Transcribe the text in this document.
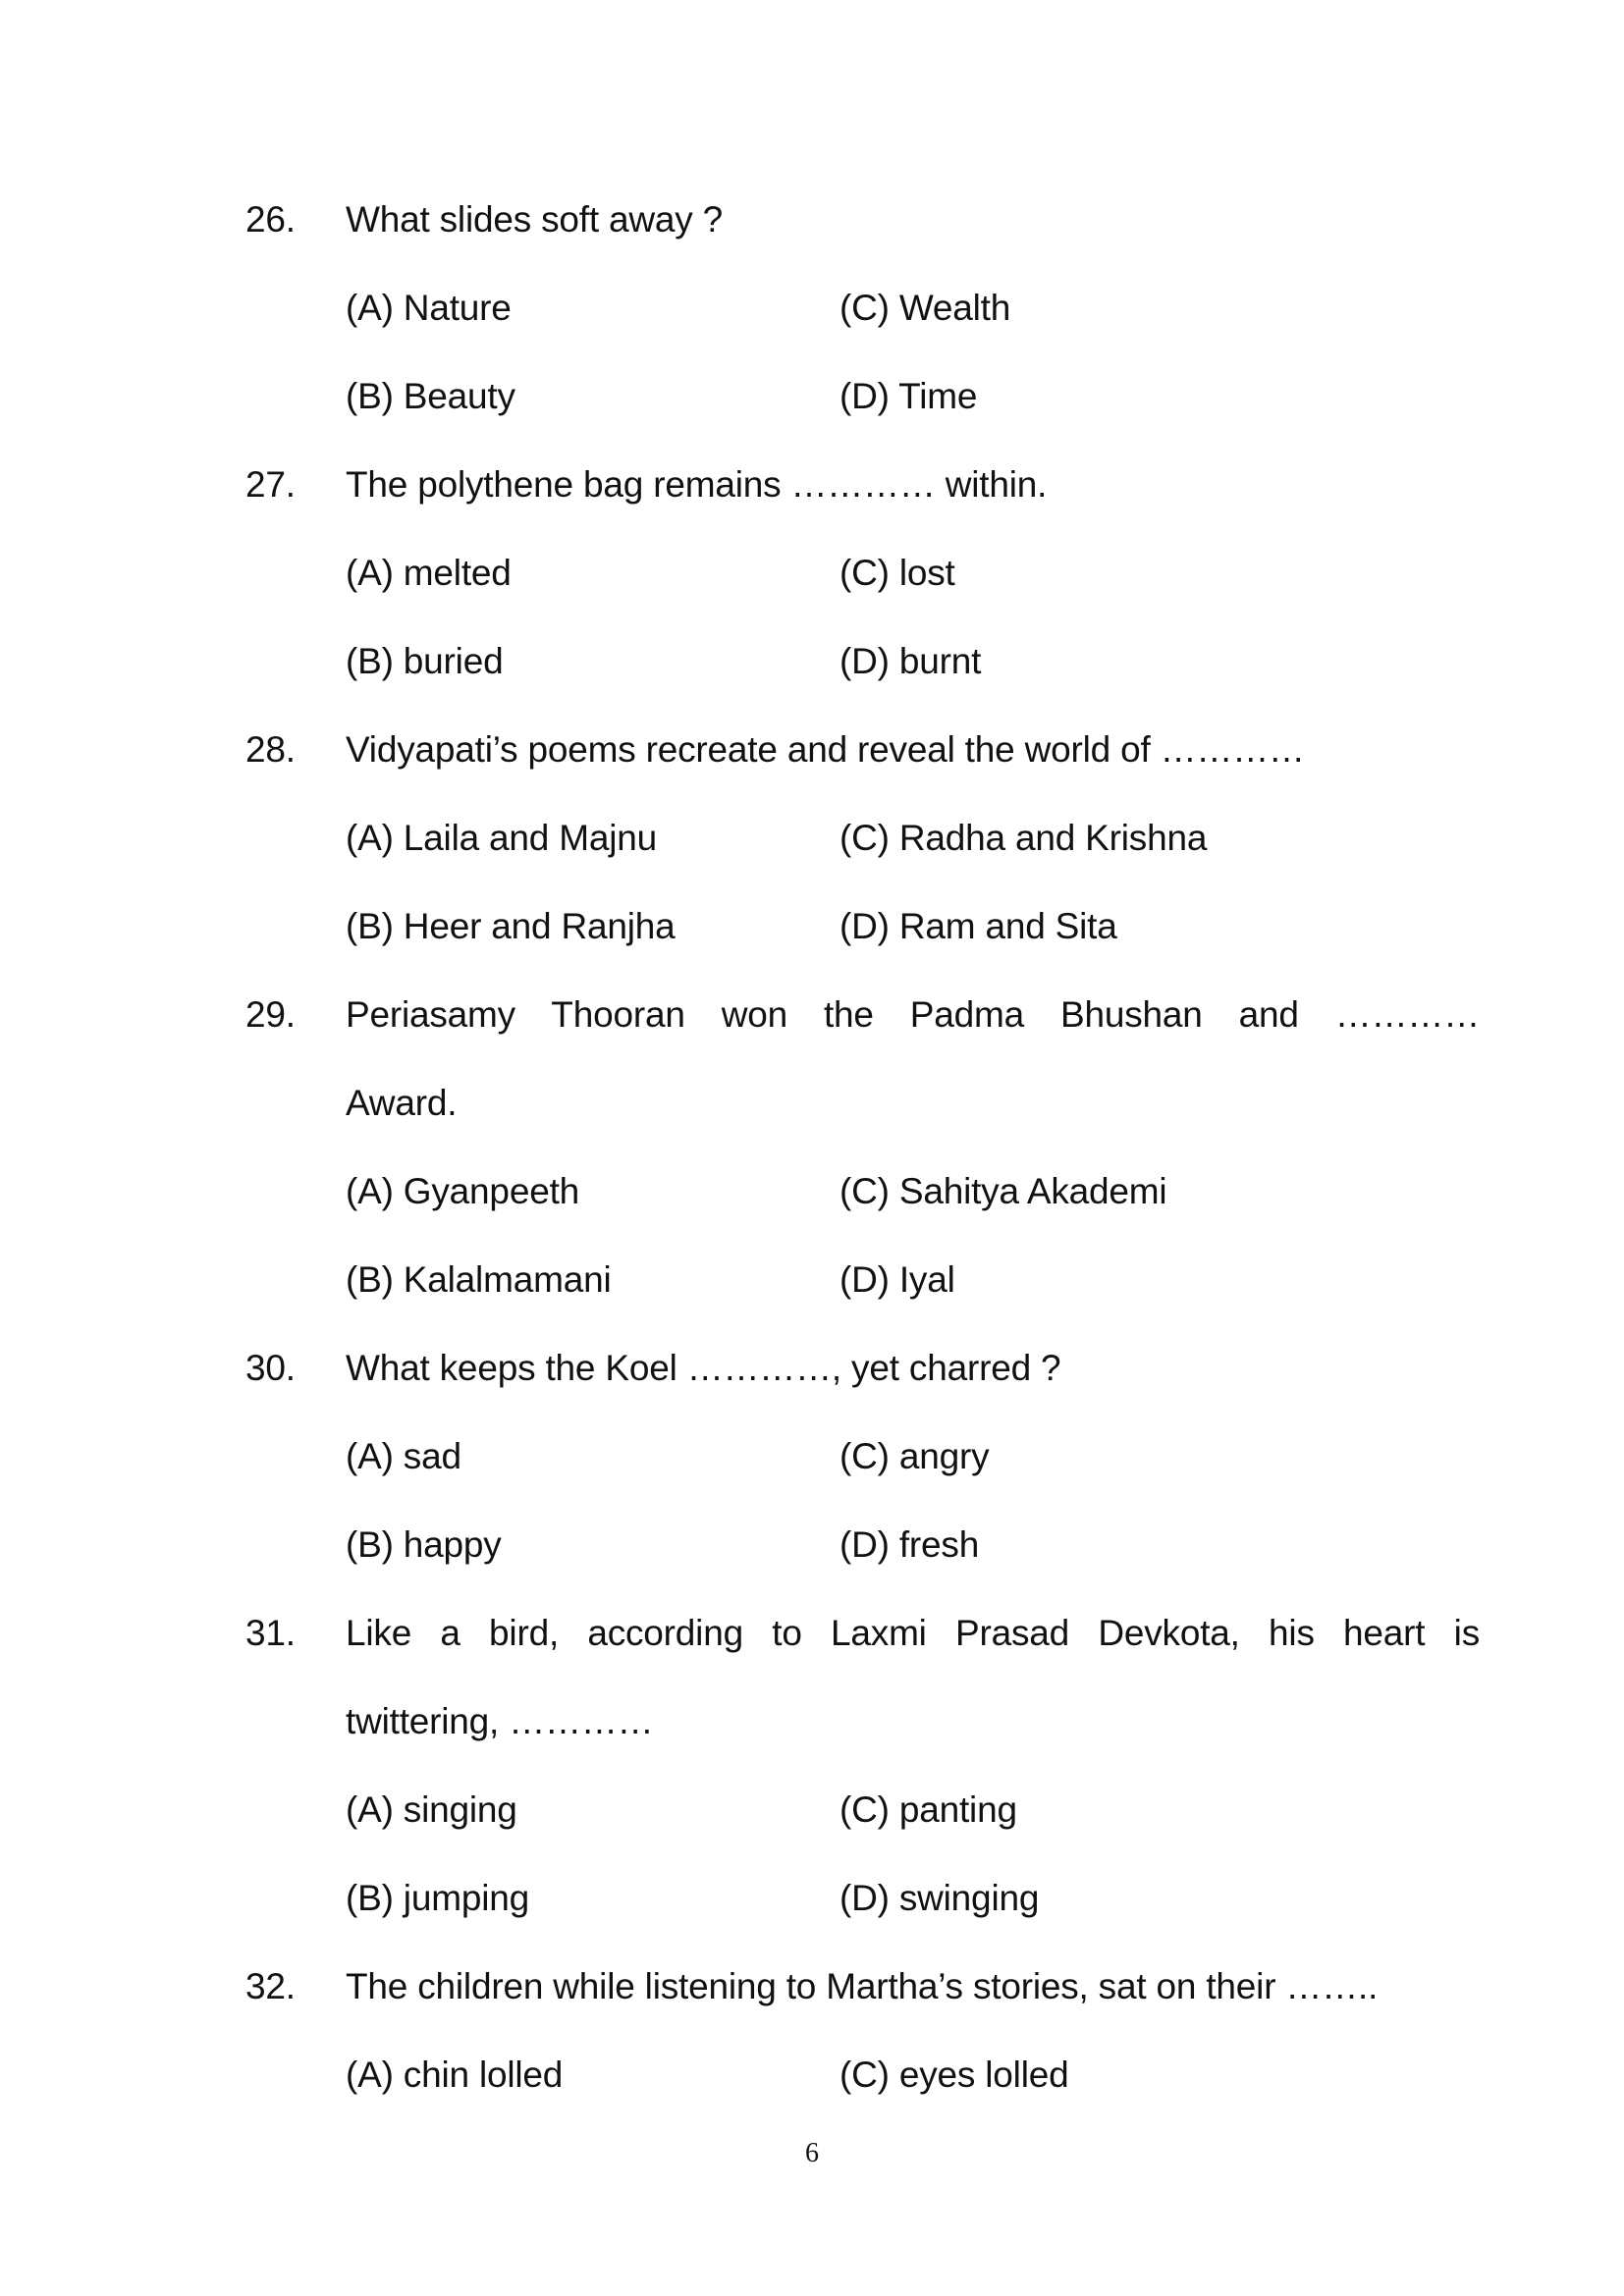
26. What slides soft away ?
(A) Nature	(C) Wealth
(B) Beauty	(D) Time
27. The polythene bag remains ………… within.
(A) melted	(C) lost
(B) buried	(D) burnt
28. Vidyapati’s poems recreate and reveal the world of …………
(A) Laila and Majnu	(C) Radha and Krishna
(B) Heer and Ranjha	(D) Ram and Sita
29. Periasamy Thooran won the Padma Bhushan and …………
Award.
(A) Gyanpeeth	(C) Sahitya Akademi
(B) Kalalmamani	(D) Iyal
30. What keeps the Koel …………, yet charred ?
(A) sad	(C) angry
(B) happy	(D) fresh
31. Like a bird, according to Laxmi Prasad Devkota, his heart is
twittering, …………
(A) singing	(C) panting
(B) jumping	(D) swinging
32. The children while listening to Martha’s stories, sat on their ……..
(A) chin lolled	(C) eyes lolled
6
